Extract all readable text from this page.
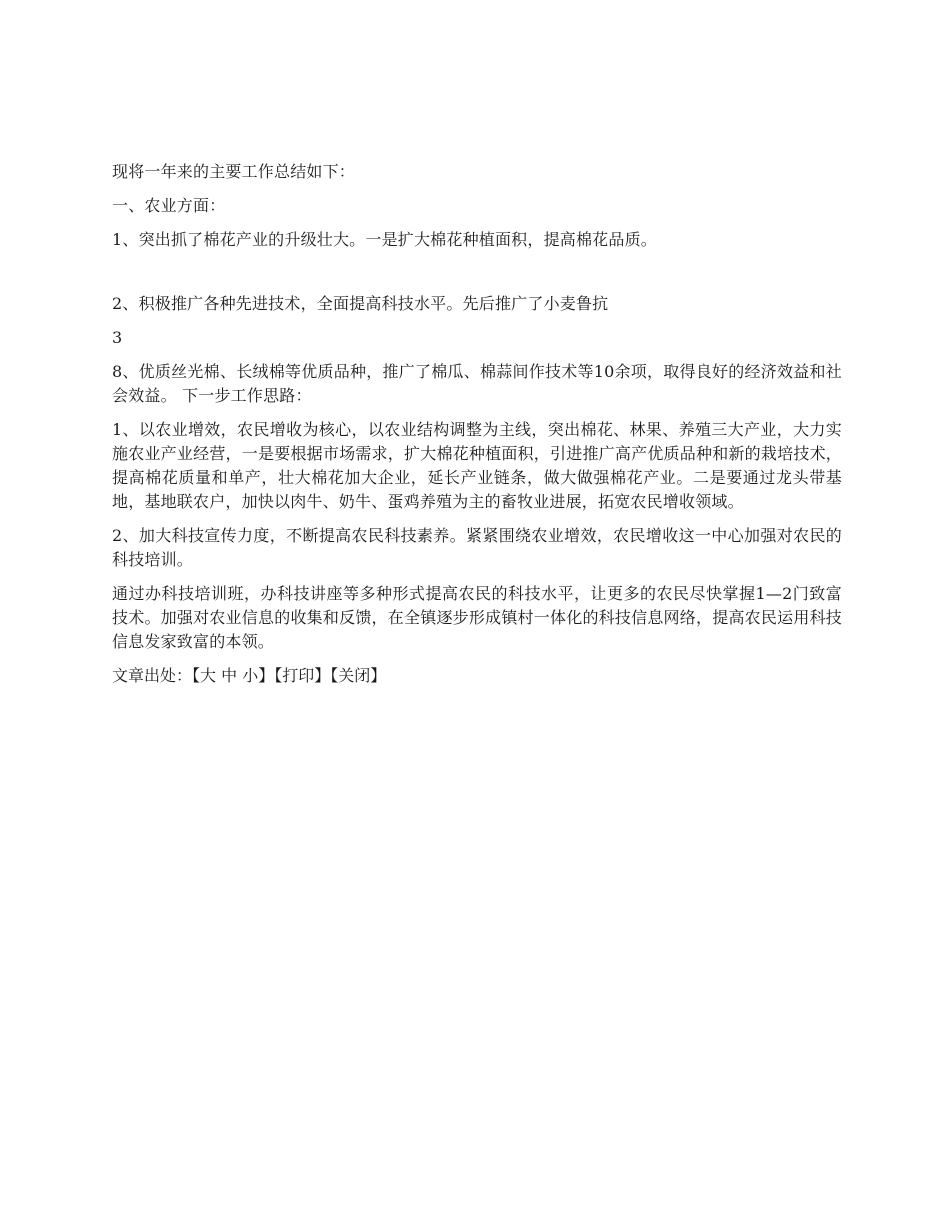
现将一年来的主要工作总结如下：

一、农业方面：

1、突出抓了棉花产业的升级壮大。一是扩大棉花种植面积，提高棉花品质。

2、积极推广各种先进技术，全面提高科技水平。先后推广了小麦鲁抗

3

8、优质丝光棉、长绒棉等优质品种，推广了棉瓜、棉蒜间作技术等10余项，取得良好的经济效益和社会效益。 下一步工作思路：

1、以农业增效，农民增收为核心，以农业结构调整为主线，突出棉花、林果、养殖三大产业，大力实施农业产业经营，一是要根据市场需求，扩大棉花种植面积，引进推广高产优质品种和新的栽培技术，提高棉花质量和单产，壮大棉花加大企业，延长产业链条，做大做强棉花产业。二是要通过龙头带基地，基地联农户，加快以肉牛、奶牛、蛋鸡养殖为主的畜牧业进展，拓宽农民增收领域。

2、加大科技宣传力度，不断提高农民科技素养。紧紧围绕农业增效，农民增收这一中心加强对农民的科技培训。

通过办科技培训班，办科技讲座等多种形式提高农民的科技水平，让更多的农民尽快掌握1—2门致富技术。加强对农业信息的收集和反馈，在全镇逐步形成镇村一体化的科技信息网络，提高农民运用科技信息发家致富的本领。

文章出处：【大 中 小】【打印】【关闭】
